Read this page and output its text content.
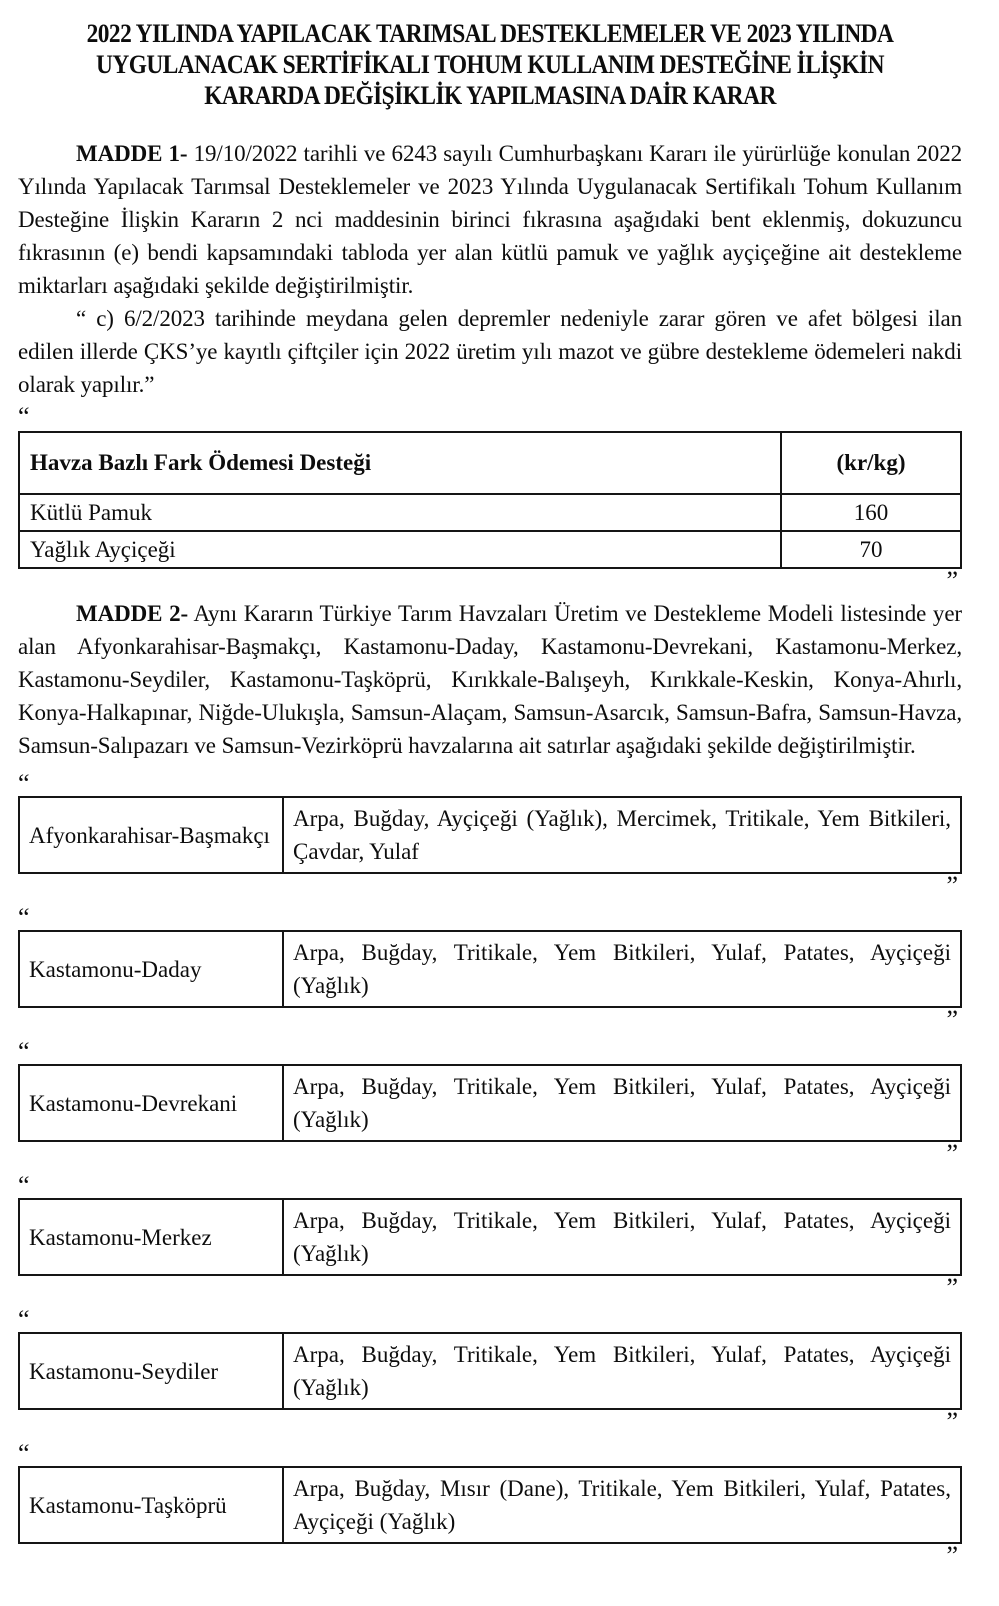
2022 YILINDA YAPILACAK TARIMSAL DESTEKLEMELER VE 2023 YILINDA
UYGULANACAK SERTİFİKALI TOHUM KULLANIM DESTEĞİNE İLİŞKİN
KARARDA DEĞİŞİKLİK YAPILMASINA DAİR KARAR

MADDE 1- 19/10/2022 tarihli ve 6243 sayılı Cumhurbaşkanı Kararı ile yürürlüğe konulan 2022 Yılında Yapılacak Tarımsal Desteklemeler ve 2023 Yılında Uygulanacak Sertifikalı Tohum Kullanım Desteğine İlişkin Kararın 2 nci maddesinin birinci fıkrasına aşağıdaki bent eklenmiş, dokuzuncu fıkrasının (e) bendi kapsamındaki tabloda yer alan kütlü pamuk ve yağlık ayçiçeğine ait destekleme miktarları aşağıdaki şekilde değiştirilmiştir.

“ c) 6/2/2023 tarihinde meydana gelen depremler nedeniyle zarar gören ve afet bölgesi ilan edilen illerde ÇKS’ye kayıtlı çiftçiler için 2022 üretim yılı mazot ve gübre destekleme ödemeleri nakdi olarak yapılır.”

“
Havza Bazlı Fark Ödemesi Desteği	(kr/kg)
Kütlü Pamuk	160
Yağlık Ayçiçeği	70
”

MADDE 2- Aynı Kararın Türkiye Tarım Havzaları Üretim ve Destekleme Modeli listesinde yer alan Afyonkarahisar-Başmakçı, Kastamonu-Daday, Kastamonu-Devrekani, Kastamonu-Merkez, Kastamonu-Seydiler, Kastamonu-Taşköprü, Kırıkkale-Balışeyh, Kırıkkale-Keskin, Konya-Ahırlı, Konya-Halkapınar, Niğde-Ulukışla, Samsun-Alaçam, Samsun-Asarcık, Samsun-Bafra, Samsun-Havza, Samsun-Salıpazarı ve Samsun-Vezirköprü havzalarına ait satırlar aşağıdaki şekilde değiştirilmiştir.

“
Afyonkarahisar-Başmakçı	Arpa, Buğday, Ayçiçeği (Yağlık), Mercimek, Tritikale, Yem Bitkileri, Çavdar, Yulaf
”
“
Kastamonu-Daday	Arpa, Buğday, Tritikale, Yem Bitkileri, Yulaf, Patates, Ayçiçeği (Yağlık)
”
“
Kastamonu-Devrekani	Arpa, Buğday, Tritikale, Yem Bitkileri, Yulaf, Patates, Ayçiçeği (Yağlık)
”
“
Kastamonu-Merkez	Arpa, Buğday, Tritikale, Yem Bitkileri, Yulaf, Patates, Ayçiçeği (Yağlık)
”
“
Kastamonu-Seydiler	Arpa, Buğday, Tritikale, Yem Bitkileri, Yulaf, Patates, Ayçiçeği (Yağlık)
”
“
Kastamonu-Taşköprü	Arpa, Buğday, Mısır (Dane), Tritikale, Yem Bitkileri, Yulaf, Patates, Ayçiçeği (Yağlık)
”
